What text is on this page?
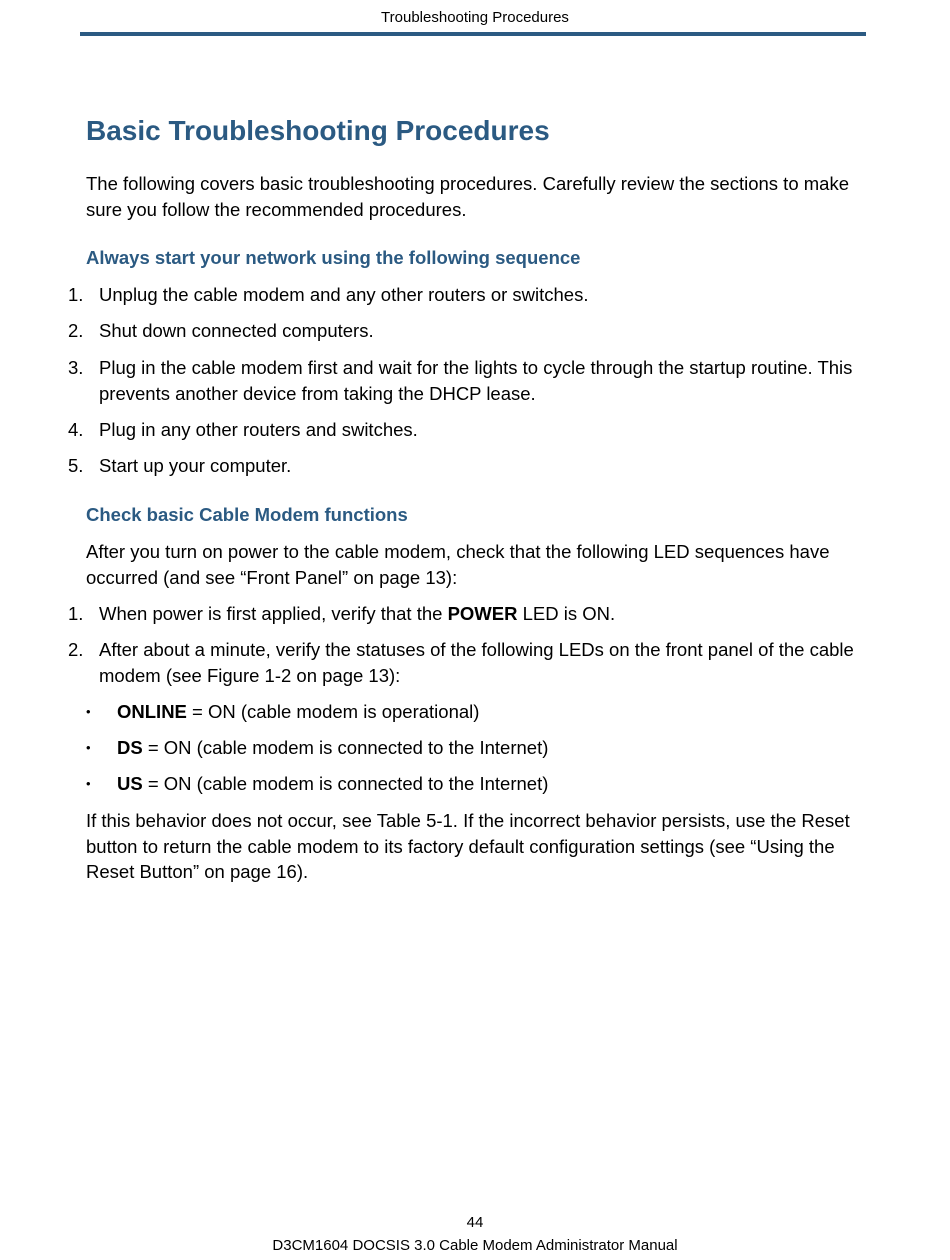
Troubleshooting Procedures
Basic Troubleshooting Procedures

The following covers basic troubleshooting procedures. Carefully review the sections to make sure you follow the recommended procedures.

Always start your network using the following sequence
1. Unplug the cable modem and any other routers or switches.
2. Shut down connected computers.
3. Plug in the cable modem first and wait for the lights to cycle through the startup routine. This prevents another device from taking the DHCP lease.
4. Plug in any other routers and switches.
5. Start up your computer.
Check basic Cable Modem functions

After you turn on power to the cable modem, check that the following LED sequences have occurred (and see “Front Panel” on page 13):

1. When power is first applied, verify that the POWER LED is ON.
2. After about a minute, verify the statuses of the following LEDs on the front panel of the cable modem (see Figure 1-2 on page 13):
• ONLINE = ON (cable modem is operational)
• DS = ON (cable modem is connected to the Internet)
• US = ON (cable modem is connected to the Internet)

If this behavior does not occur, see Table 5-1. If the incorrect behavior persists, use the Reset button to return the cable modem to its factory default configuration settings (see “Using the Reset Button” on page 16).

44
D3CM1604 DOCSIS 3.0 Cable Modem Administrator Manual
